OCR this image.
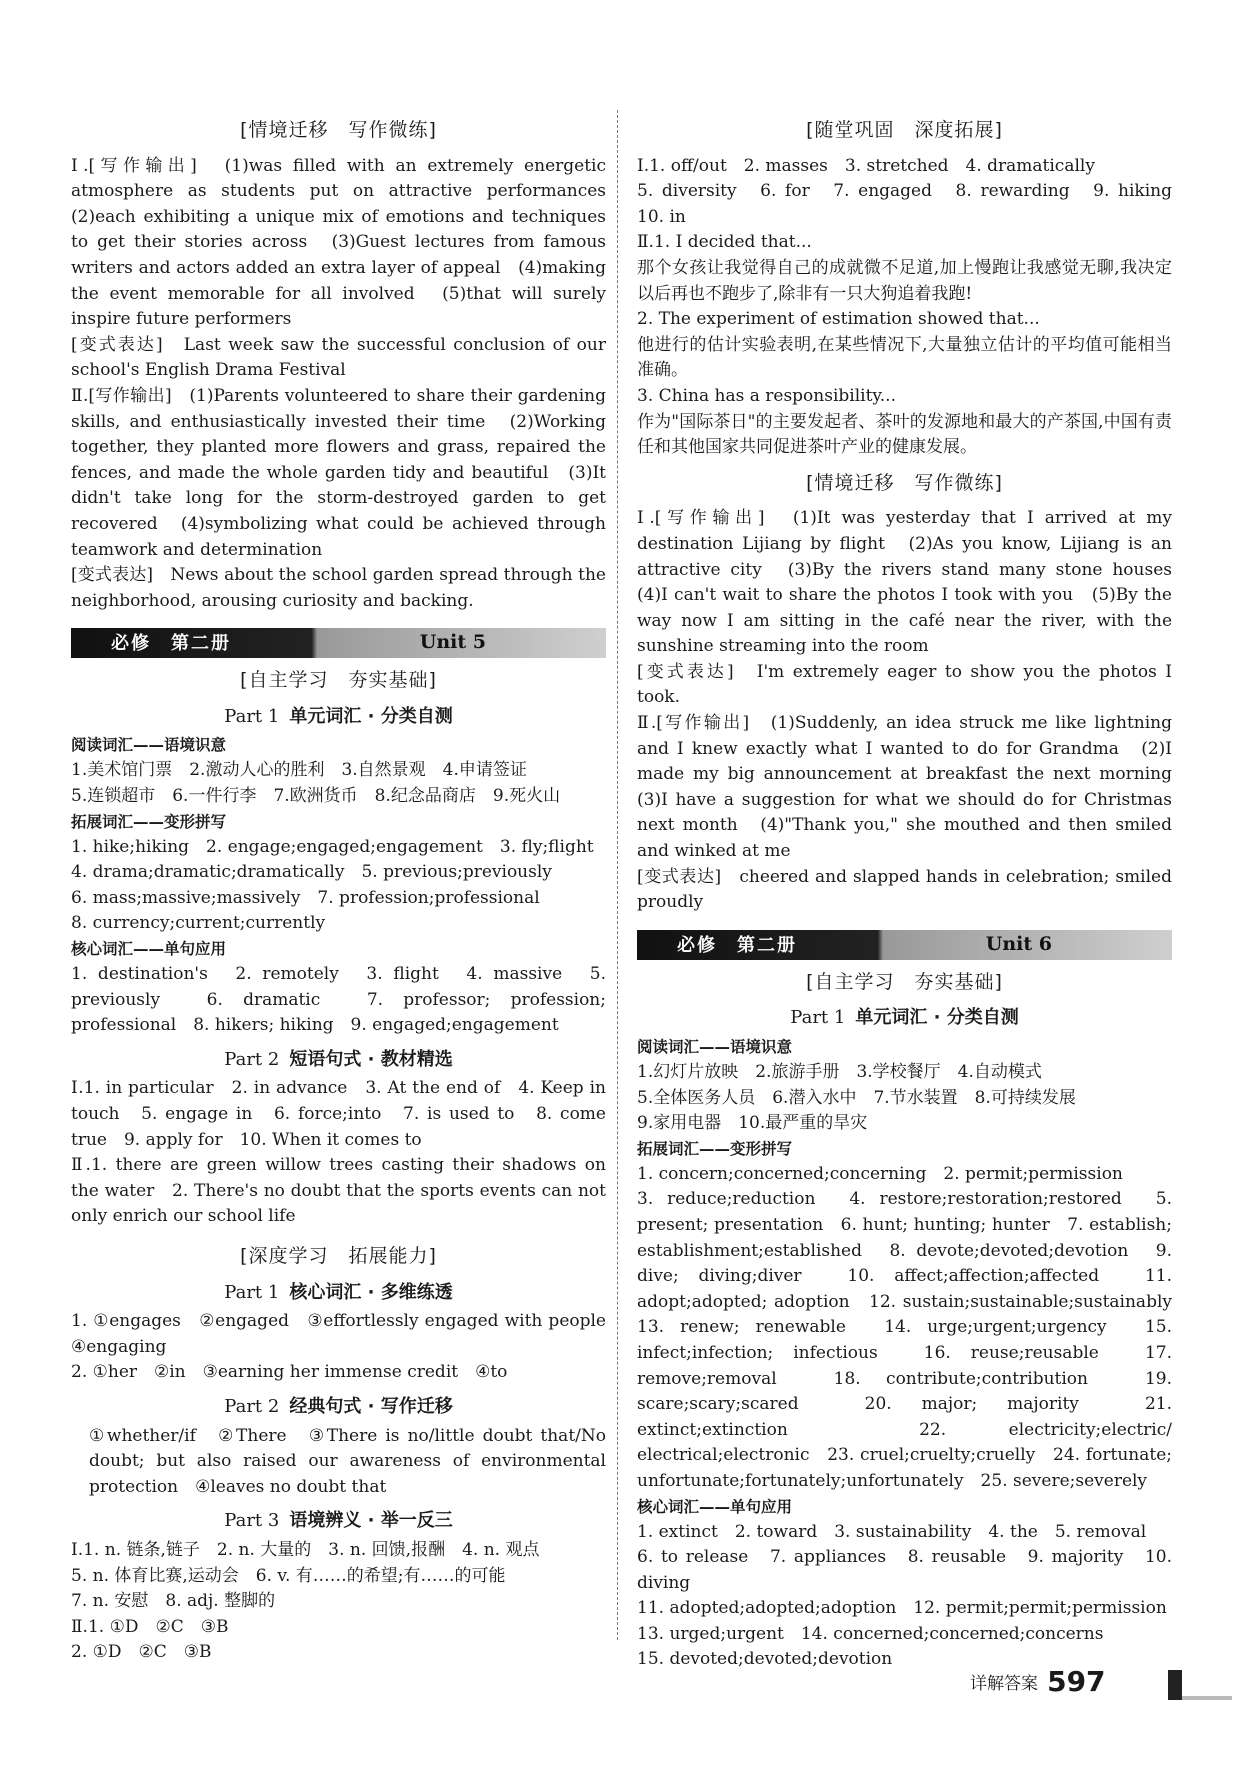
[情境迁移　写作微练]

Ⅰ.[写作输出]　(1)was filled with an extremely energetic atmosphere as students put on attractive performances　(2)each exhibiting a unique mix of emotions and techniques to get their stories across　(3)Guest lectures from famous writers and actors added an extra layer of appeal　(4)making the event memorable for all involved　(5)that will surely inspire future performers

[变式表达]　Last week saw the successful conclusion of our school's English Drama Festival

Ⅱ.[写作输出]　(1)Parents volunteered to share their gardening skills, and enthusiastically invested their time　(2)Working together, they planted more flowers and grass, repaired the fences, and made the whole garden tidy and beautiful　(3)It didn't take long for the storm-destroyed garden to get recovered　(4)symbolizing what could be achieved through teamwork and determination

[变式表达]　News about the school garden spread through the neighborhood, arousing curiosity and backing.

必修　第二册	Unit 5
[自主学习　夯实基础]
Part 1 单元词汇 · 分类自测

阅读词汇——语境识意

1.美术馆门票　2.激动人心的胜利　3.自然景观　4.申请签证

5.连锁超市　6.一件行李　7.欧洲货币　8.纪念品商店　9.死火山

拓展词汇——变形拼写

1. hike;hiking　2. engage;engaged;engagement　3. fly;flight

4. drama;dramatic;dramatically　5. previous;previously

6. mass;massive;massively　7. profession;professional

8. currency;current;currently

核心词汇——单句应用

1. destination's　2. remotely　3. flight　4. massive　5. previously　6. dramatic　7. professor; profession; professional　8. hikers; hiking　9. engaged;engagement

Part 2 短语句式 · 教材精选

Ⅰ.1. in particular　2. in advance　3. At the end of　4. Keep in touch　5. engage in　6. force;into　7. is used to　8. come true　9. apply for　10. When it comes to

Ⅱ.1. there are green willow trees casting their shadows on the water　2. There's no doubt that the sports events can not only enrich our school life

[深度学习　拓展能力]
Part 1 核心词汇 · 多维练透

1. ①engages　②engaged　③effortlessly engaged with people　④engaging

2. ①her　②in　③earning her immense credit　④to

Part 2 经典句式 · 写作迁移

①whether/if　②There　③There is no/little doubt that/No doubt; but also raised our awareness of environmental protection　④leaves no doubt that

Part 3 语境辨义 · 举一反三

Ⅰ.1. n. 链条,链子　2. n. 大量的　3. n. 回馈,报酬　4. n. 观点

5. n. 体育比赛,运动会　6. v. 有……的希望;有……的可能

7. n. 安慰　8. adj. 整脚的

Ⅱ.1. ①D　②C　③B

2. ①D　②C　③B

[随堂巩固　深度拓展]

Ⅰ.1. off/out　2. masses　3. stretched　4. dramatically

5. diversity　6. for　7. engaged　8. rewarding　9. hiking　10. in

Ⅱ.1. I decided that...

那个女孩让我觉得自己的成就微不足道,加上慢跑让我感觉无聊,我决定以后再也不跑步了,除非有一只大狗追着我跑!

2. The experiment of estimation showed that...

他进行的估计实验表明,在某些情况下,大量独立估计的平均值可能相当准确。

3. China has a responsibility...

作为"国际茶日"的主要发起者、茶叶的发源地和最大的产茶国,中国有责任和其他国家共同促进茶叶产业的健康发展。

[情境迁移　写作微练]

Ⅰ.[写作输出]　(1)It was yesterday that I arrived at my destination Lijiang by flight　(2)As you know, Lijiang is an attractive city　(3)By the rivers stand many stone houses　(4)I can't wait to share the photos I took with you　(5)By the way now I am sitting in the café near the river, with the sunshine streaming into the room

[变式表达]　I'm extremely eager to show you the photos I took.

Ⅱ.[写作输出]　(1)Suddenly, an idea struck me like lightning and I knew exactly what I wanted to do for Grandma　(2)I made my big announcement at breakfast the next morning　(3)I have a suggestion for what we should do for Christmas next month　(4)"Thank you," she mouthed and then smiled and winked at me

[变式表达]　cheered and slapped hands in celebration; smiled proudly

必修　第二册	Unit 6
[自主学习　夯实基础]
Part 1 单元词汇 · 分类自测

阅读词汇——语境识意

1.幻灯片放映　2.旅游手册　3.学校餐厅　4.自动模式

5.全体医务人员　6.潜入水中　7.节水装置　8.可持续发展

9.家用电器　10.最严重的旱灾

拓展词汇——变形拼写

1. concern;concerned;concerning　2. permit;permission

3. reduce;reduction　4. restore;restoration;restored　5. present; presentation　6. hunt; hunting; hunter　7. establish; establishment;established　8. devote;devoted;devotion　9. dive; diving;diver　10. affect;affection;affected　11. adopt;adopted; adoption　12. sustain;sustainable;sustainably　13. renew; renewable　14. urge;urgent;urgency　15. infect;infection; infectious　16. reuse;reusable　17. remove;removal　18. contribute;contribution　19. scare;scary;scared　20. major; majority　21. extinct;extinction　22. electricity;electric/ electrical;electronic　23. cruel;cruelty;cruelly　24. fortunate; unfortunate;fortunately;unfortunately　25. severe;severely

核心词汇——单句应用

1. extinct　2. toward　3. sustainability　4. the　5. removal

6. to release　7. appliances　8. reusable　9. majority　10. diving

11. adopted;adopted;adoption　12. permit;permit;permission

13. urged;urgent　14. concerned;concerned;concerns

15. devoted;devoted;devotion

详解答案 597
